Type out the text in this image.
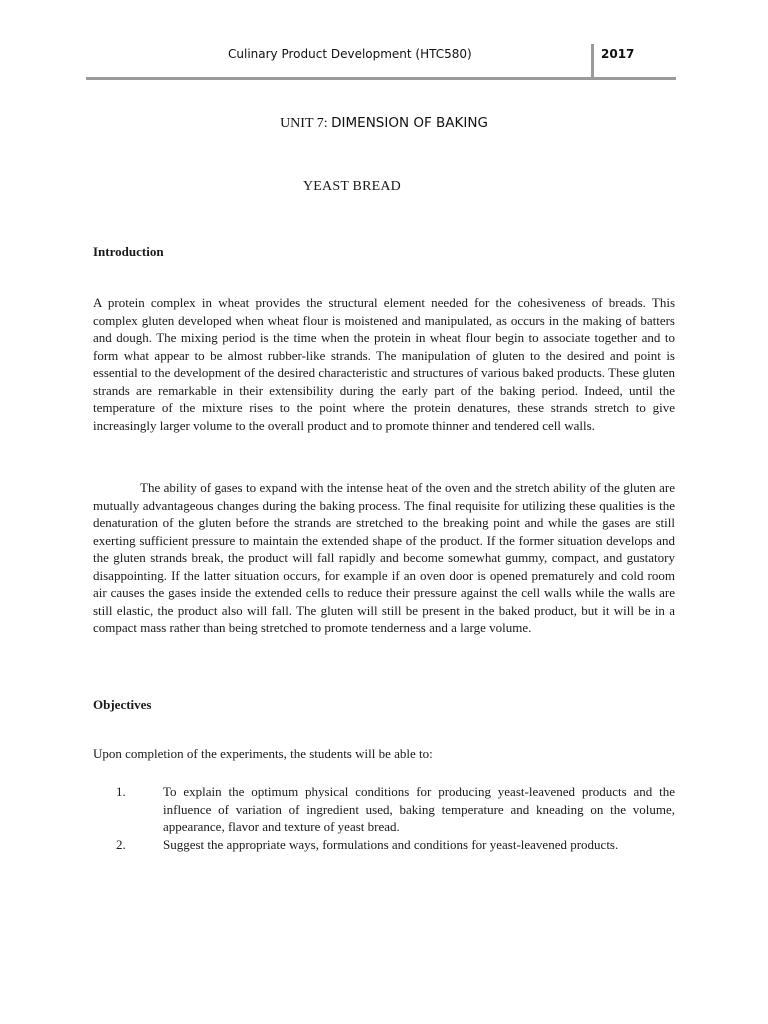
Culinary Product Development (HTC580)	2017
UNIT 7: DIMENSION OF BAKING
YEAST BREAD
Introduction

A protein complex in wheat provides the structural element needed for the cohesiveness of breads. This complex gluten developed when wheat flour is moistened and manipulated, as occurs in the making of batters and dough. The mixing period is the time when the protein in wheat flour begin to associate together and to form what appear to be almost rubber-like strands. The manipulation of gluten to the desired and point is essential to the development of the desired characteristic and structures of various baked products. These gluten strands are remarkable in their extensibility during the early part of the baking period. Indeed, until the temperature of the mixture rises to the point where the protein denatures, these strands stretch to give increasingly larger volume to the overall product and to promote thinner and tendered cell walls.

The ability of gases to expand with the intense heat of the oven and the stretch ability of the gluten are mutually advantageous changes during the baking process. The final requisite for utilizing these qualities is the denaturation of the gluten before the strands are stretched to the breaking point and while the gases are still exerting sufficient pressure to maintain the extended shape of the product. If the former situation develops and the gluten strands break, the product will fall rapidly and become somewhat gummy, compact, and gustatory disappointing. If the latter situation occurs, for example if an oven door is opened prematurely and cold room air causes the gases inside the extended cells to reduce their pressure against the cell walls while the walls are still elastic, the product also will fall. The gluten will still be present in the baked product, but it will be in a compact mass rather than being stretched to promote tenderness and a large volume.

Objectives
Upon completion of the experiments, the students will be able to:
1.	To explain the optimum physical conditions for producing yeast-leavened products and the influence of variation of ingredient used, baking temperature and kneading on the volume, appearance, flavor and texture of yeast bread.
2.	Suggest the appropriate ways, formulations and conditions for yeast-leavened products.
